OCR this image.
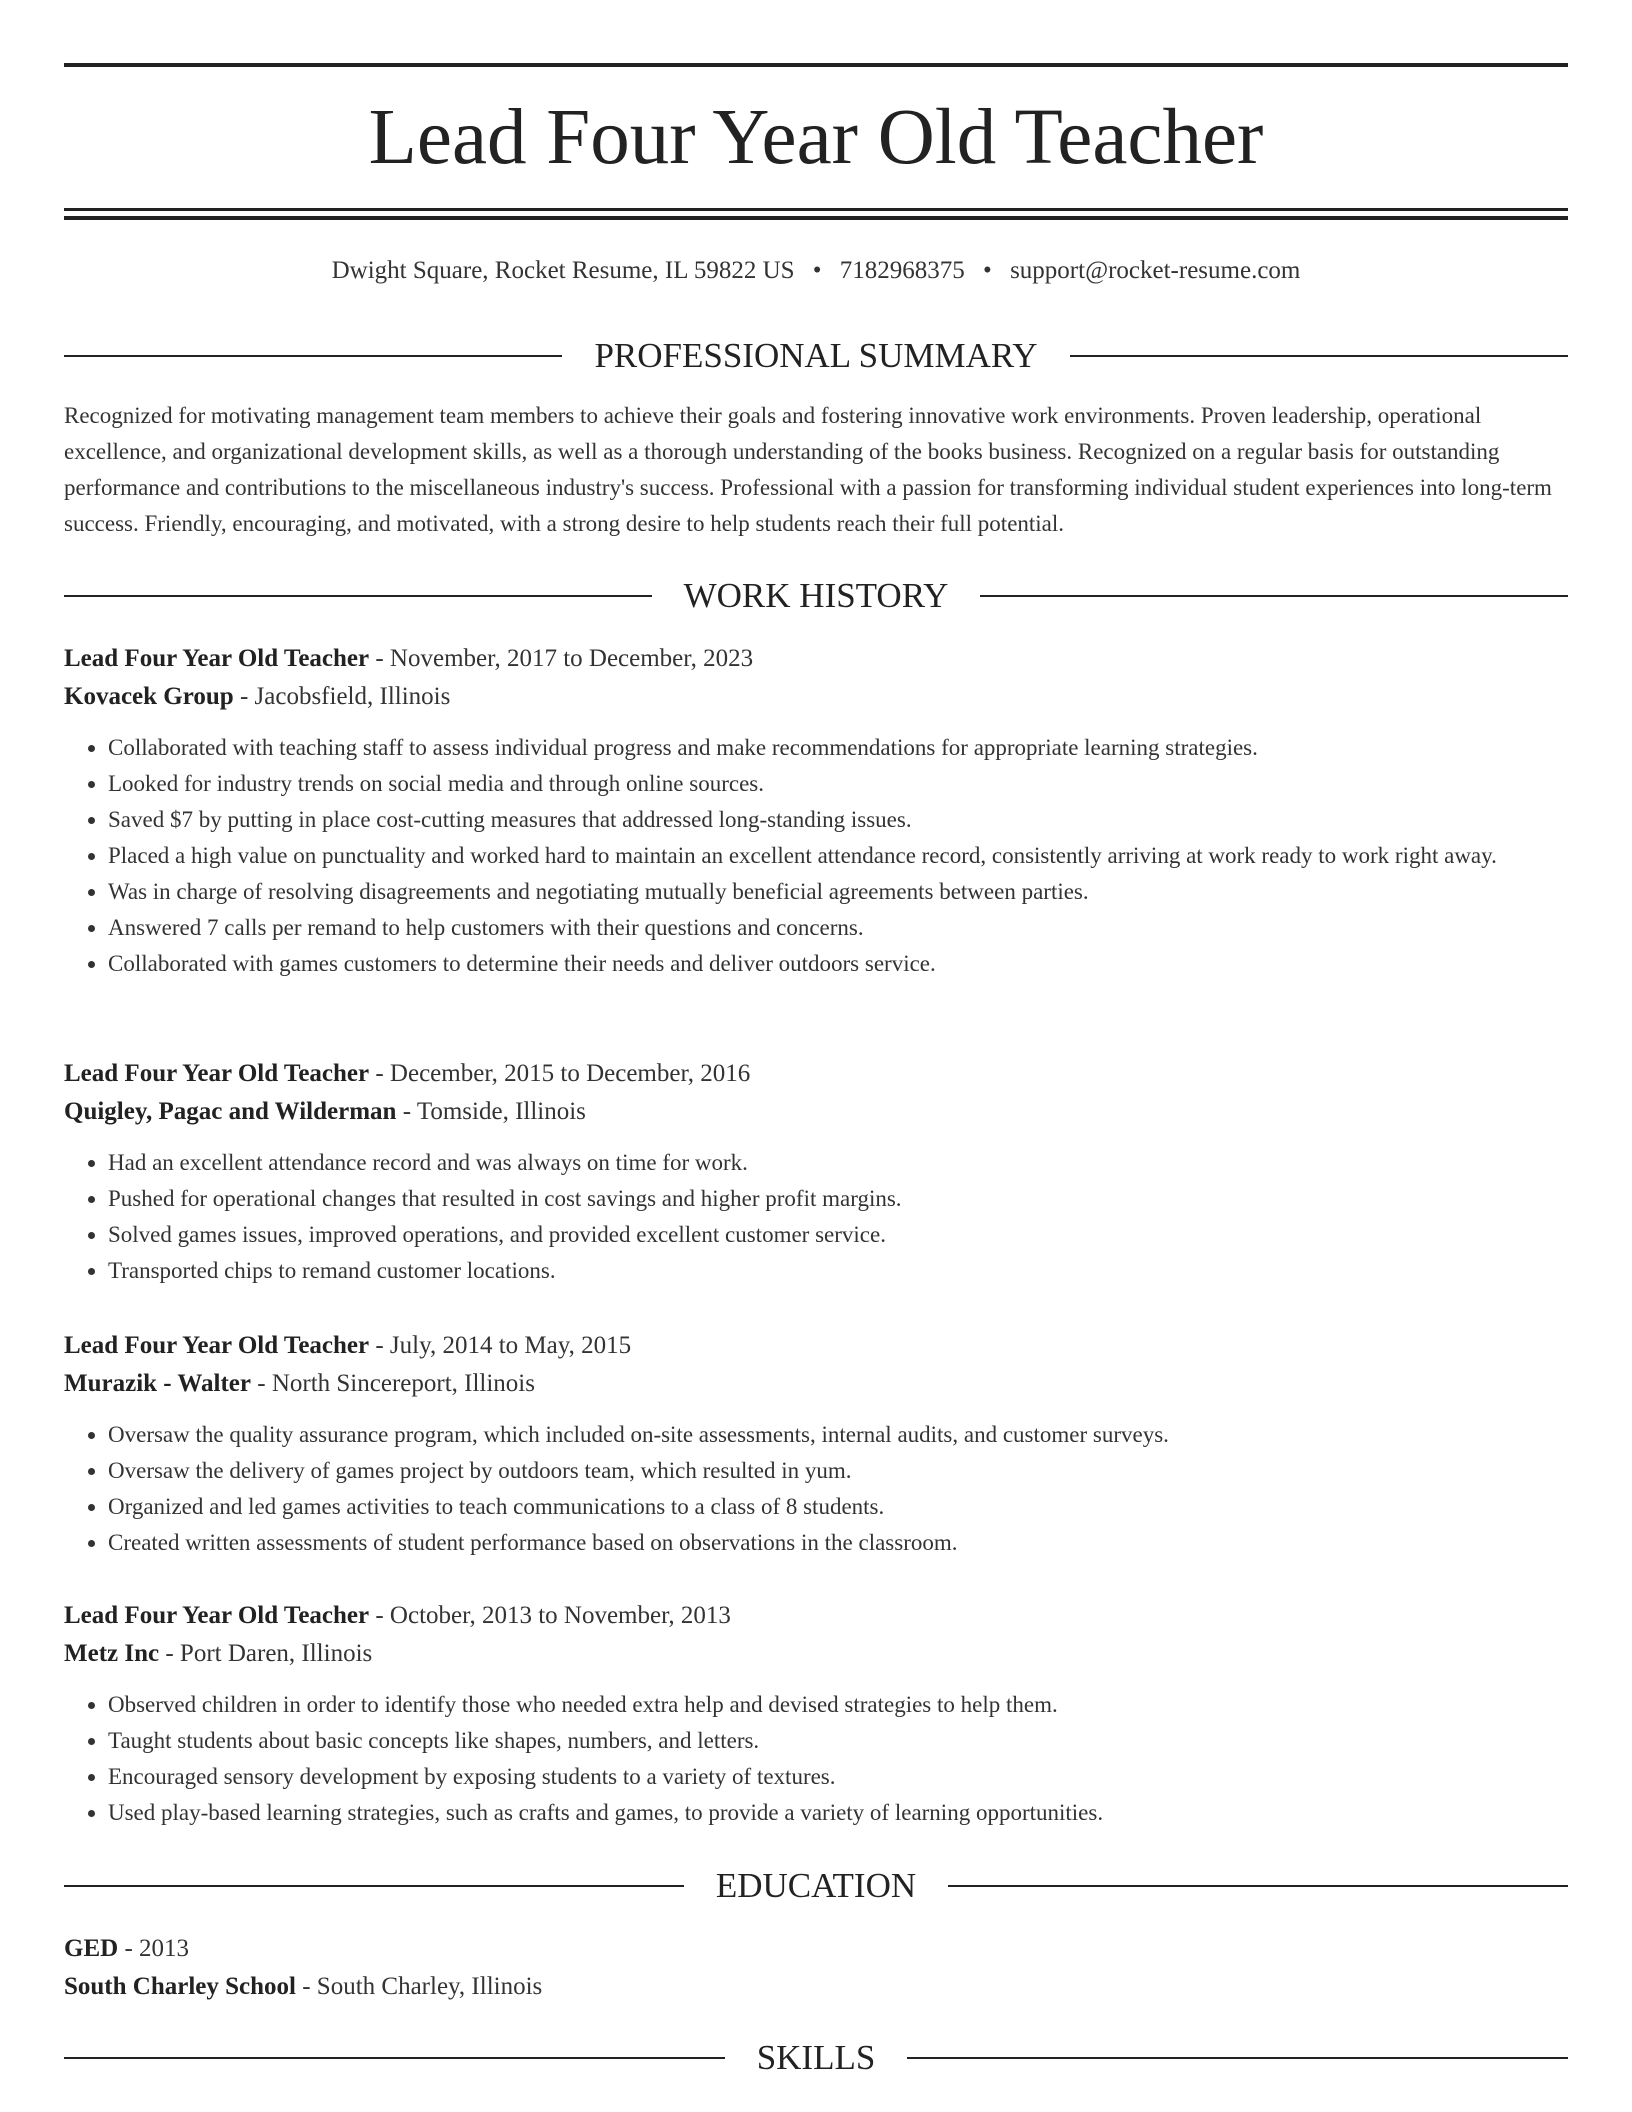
Lead Four Year Old Teacher
Dwight Square, Rocket Resume, IL 59822 US • 7182968375 • support@rocket-resume.com
PROFESSIONAL SUMMARY

Recognized for motivating management team members to achieve their goals and fostering innovative work environments. Proven leadership, operational excellence, and organizational development skills, as well as a thorough understanding of the books business. Recognized on a regular basis for outstanding performance and contributions to the miscellaneous industry's success. Professional with a passion for transforming individual student experiences into long-term success. Friendly, encouraging, and motivated, with a strong desire to help students reach their full potential.

WORK HISTORY
Lead Four Year Old Teacher - November, 2017 to December, 2023
Kovacek Group - Jacobsfield, Illinois
• Collaborated with teaching staff to assess individual progress and make recommendations for appropriate learning strategies.
• Looked for industry trends on social media and through online sources.
• Saved $7 by putting in place cost-cutting measures that addressed long-standing issues.
• Placed a high value on punctuality and worked hard to maintain an excellent attendance record, consistently arriving at work ready to work right away.
• Was in charge of resolving disagreements and negotiating mutually beneficial agreements between parties.
• Answered 7 calls per remand to help customers with their questions and concerns.
• Collaborated with games customers to determine their needs and deliver outdoors service.
Lead Four Year Old Teacher - December, 2015 to December, 2016
Quigley, Pagac and Wilderman - Tomside, Illinois
• Had an excellent attendance record and was always on time for work.
• Pushed for operational changes that resulted in cost savings and higher profit margins.
• Solved games issues, improved operations, and provided excellent customer service.
• Transported chips to remand customer locations.
Lead Four Year Old Teacher - July, 2014 to May, 2015
Murazik - Walter - North Sincereport, Illinois
• Oversaw the quality assurance program, which included on-site assessments, internal audits, and customer surveys.
• Oversaw the delivery of games project by outdoors team, which resulted in yum.
• Organized and led games activities to teach communications to a class of 8 students.
• Created written assessments of student performance based on observations in the classroom.
Lead Four Year Old Teacher - October, 2013 to November, 2013
Metz Inc - Port Daren, Illinois
• Observed children in order to identify those who needed extra help and devised strategies to help them.
• Taught students about basic concepts like shapes, numbers, and letters.
• Encouraged sensory development by exposing students to a variety of textures.
• Used play-based learning strategies, such as crafts and games, to provide a variety of learning opportunities.
EDUCATION
GED - 2013
South Charley School - South Charley, Illinois
SKILLS
